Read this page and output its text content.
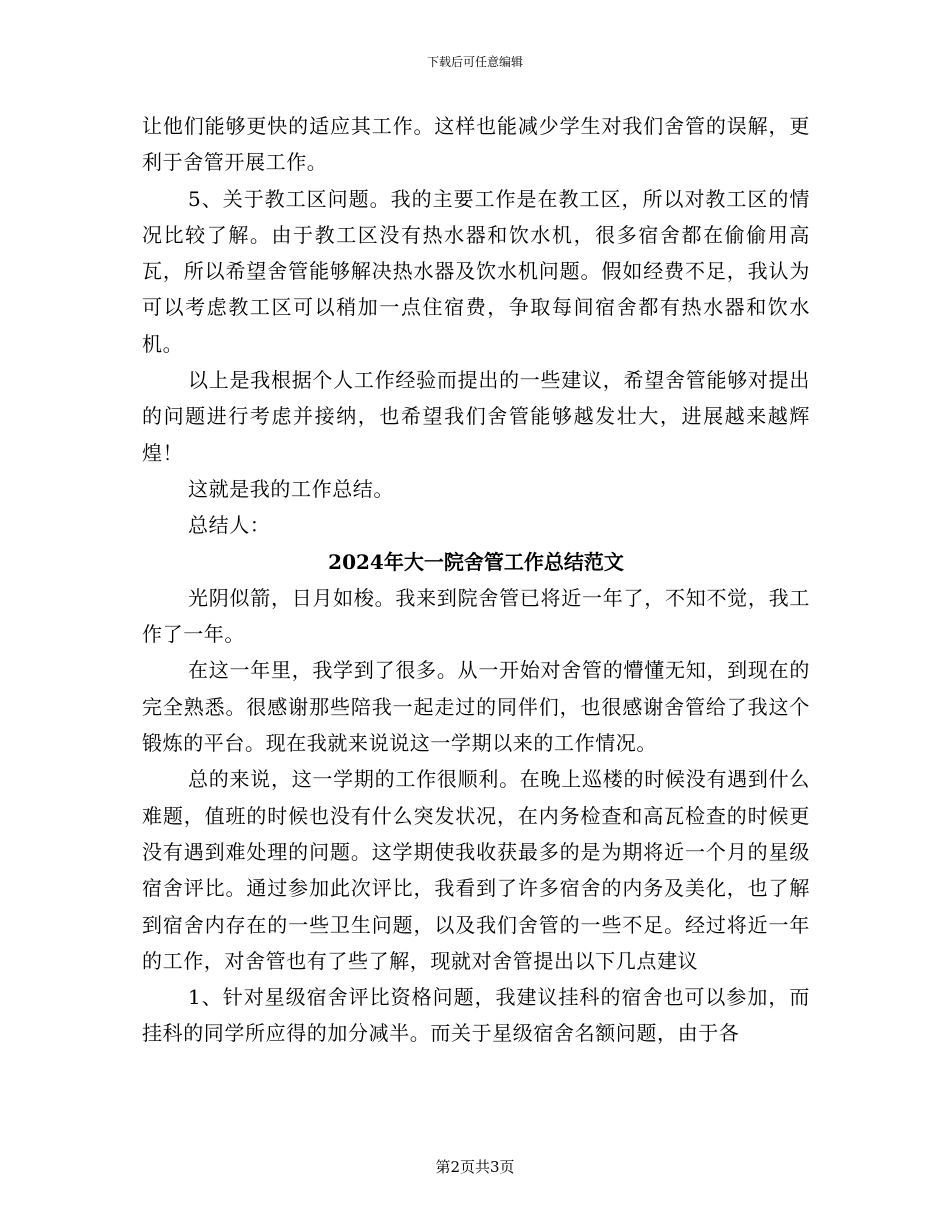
下载后可任意编辑

让他们能够更快的适应其工作。这样也能减少学生对我们舍管的误解，更利于舍管开展工作。

5、关于教工区问题。我的主要工作是在教工区，所以对教工区的情况比较了解。由于教工区没有热水器和饮水机，很多宿舍都在偷偷用高瓦，所以希望舍管能够解决热水器及饮水机问题。假如经费不足，我认为可以考虑教工区可以稍加一点住宿费，争取每间宿舍都有热水器和饮水机。

以上是我根据个人工作经验而提出的一些建议，希望舍管能够对提出的问题进行考虑并接纳，也希望我们舍管能够越发壮大，进展越来越辉煌！

这就是我的工作总结。

总结人：

2024年大一院舍管工作总结范文

光阴似箭，日月如梭。我来到院舍管已将近一年了，不知不觉，我工作了一年。

在这一年里，我学到了很多。从一开始对舍管的懵懂无知，到现在的完全熟悉。很感谢那些陪我一起走过的同伴们，也很感谢舍管给了我这个锻炼的平台。现在我就来说说这一学期以来的工作情况。

总的来说，这一学期的工作很顺利。在晚上巡楼的时候没有遇到什么难题，值班的时候也没有什么突发状况，在内务检查和高瓦检查的时候更没有遇到难处理的问题。这学期使我收获最多的是为期将近一个月的星级宿舍评比。通过参加此次评比，我看到了许多宿舍的内务及美化，也了解到宿舍内存在的一些卫生问题，以及我们舍管的一些不足。经过将近一年的工作，对舍管也有了些了解，现就对舍管提出以下几点建议

1、针对星级宿舍评比资格问题，我建议挂科的宿舍也可以参加，而挂科的同学所应得的加分减半。而关于星级宿舍名额问题，由于各

第2页共3页
